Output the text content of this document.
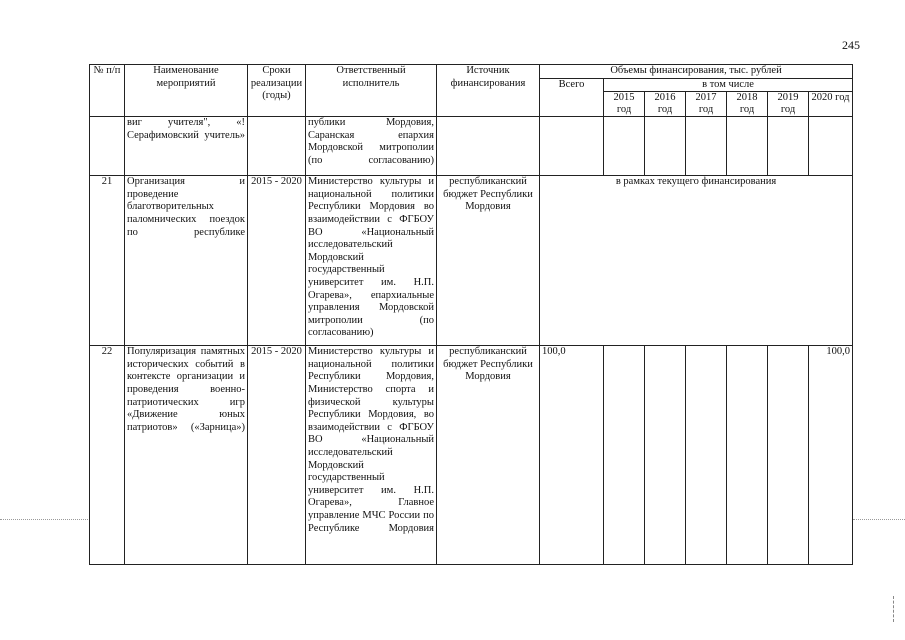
245
№ п/п	Наименование мероприятий	Сроки реализации (годы)	Ответственный исполнитель	Источник финансирования	Объемы финансирования, тыс. рублей						
					Всего	в том числе					
						2015 год	2016 год	2017 год	2018 год	2019 год	2020 год
	виг учителя", «!Серафимовский учитель»		публики Мордовия, Саранская епархия Мордовской митрополии (по согласованию)								
21	Организация и проведение благотворительных паломнических поездок по республике	2015 - 2020	Министерство культуры и национальной политики Республики Мордовия во взаимодействии с ФГБОУ ВО «Национальный исследовательский Мордовский государственный университет им. Н.П. Огарева», епархиальные управления Мордовской митрополии (по согласованию)	республиканский бюджет Республики Мордовия	в рамках текущего финансирования						
22	Популяризация памятных исторических событий в контексте организации и проведения военно-патриотических игр «Движение юных патриотов» («Зарница»)	2015 - 2020	Министерство культуры и национальной политики Республики Мордовия, Министерство спорта и физической культуры Республики Мордовия, во взаимодействии с ФГБОУ ВО «Национальный исследовательский Мордовский государственный университет им. Н.П. Огарева», Главное управление МЧС России по Республике Мордовия	республиканский бюджет Республики Мордовия	100,0						100,0
